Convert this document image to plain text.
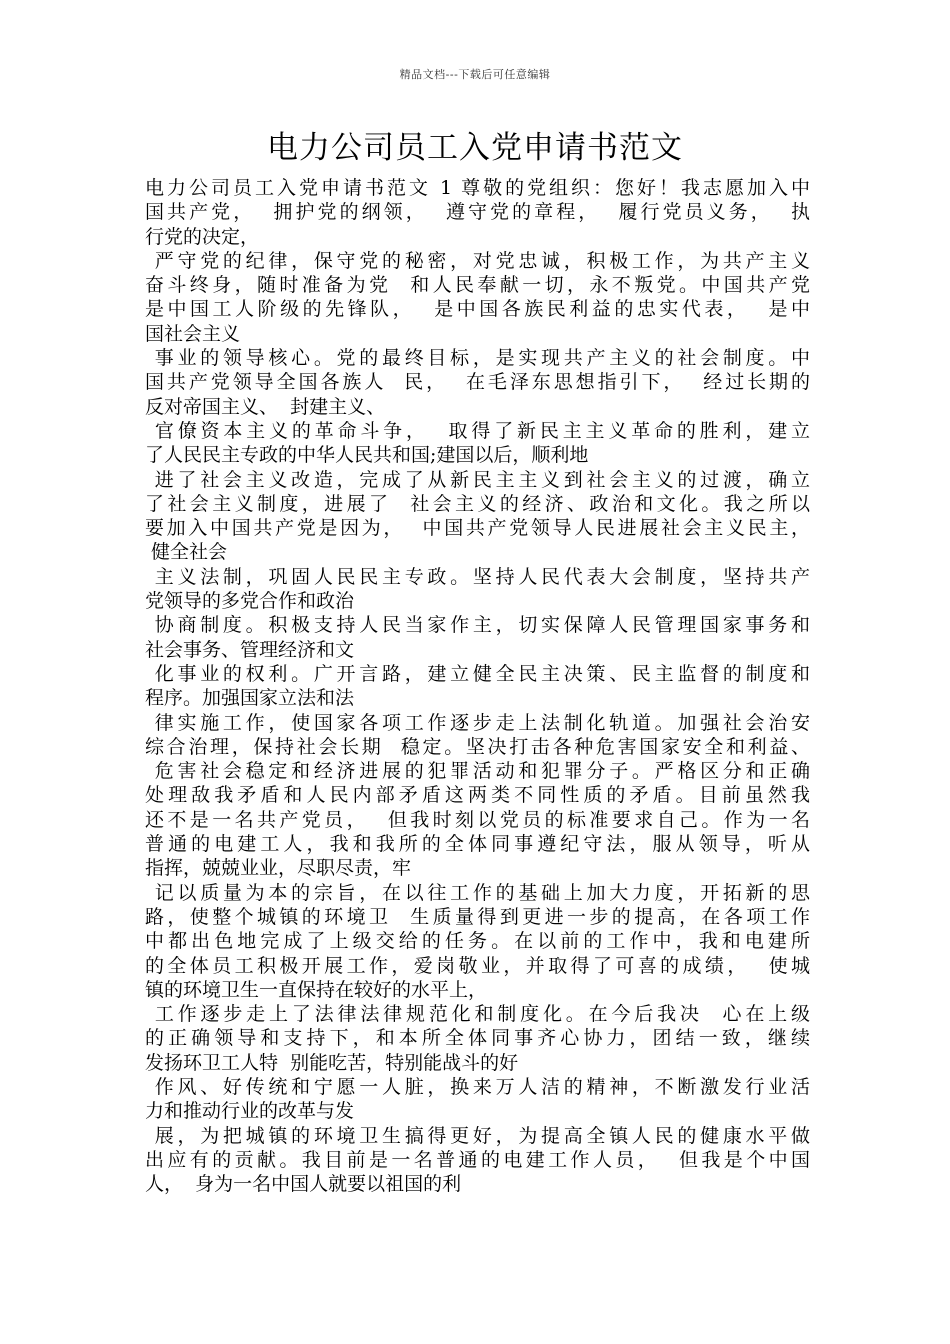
精品文档---下载后可任意编辑
电力公司员工入党申请书范文
电力公司员工入党申请书范文 1 尊敬的党组织：您好！我志愿加入中
国共产党，  拥护党的纲领，  遵守党的章程，  履行党员义务，  执
行党的决定，
严守党的纪律，保守党的秘密，对党忠诚，积极工作，为共产主义
奋斗终身，随时准备为党  和人民奉献一切，永不叛党。中国共产党
是中国工人阶级的先锋队，  是中国各族民利益的忠实代表，  是中
国社会主义
事业的领导核心。党的最终目标，是实现共产主义的社会制度。中
国共产党领导全国各族人  民，  在毛泽东思想指引下，  经过长期的
反对帝国主义、  封建主义、
官僚资本主义的革命斗争，  取得了新民主主义革命的胜利，建立
了人民民主专政的中华人民共和国;建国以后，顺利地
进了社会主义改造，完成了从新民主主义到社会主义的过渡，确立
了社会主义制度，进展了  社会主义的经济、政治和文化。我之所以
要加入中国共产党是因为，  中国共产党领导人民进展社会主义民主，
健全社会
主义法制，巩固人民民主专政。坚持人民代表大会制度，坚持共产
党领导的多党合作和政治
协商制度。积极支持人民当家作主，切实保障人民管理国家事务和
社会事务、管理经济和文
化事业的权利。广开言路，建立健全民主决策、民主监督的制度和
程序。加强国家立法和法
律实施工作，使国家各项工作逐步走上法制化轨道。加强社会治安
综合治理，保持社会长期  稳定。坚决打击各种危害国家安全和利益、
危害社会稳定和经济进展的犯罪活动和犯罪分子。严格区分和正确
处理敌我矛盾和人民内部矛盾这两类不同性质的矛盾。目前虽然我
还不是一名共产党员，  但我时刻以党员的标准要求自己。作为一名
普通的电建工人，我和我所的全体同事遵纪守法，服从领导，听从
指挥，兢兢业业，尽职尽责，牢
记以质量为本的宗旨，在以往工作的基础上加大力度，开拓新的思
路，使整个城镇的环境卫  生质量得到更进一步的提高，在各项工作
中都出色地完成了上级交给的任务。在以前的工作中，我和电建所
的全体员工积极开展工作，爱岗敬业，并取得了可喜的成绩，  使城
镇的环境卫生一直保持在较好的水平上，
工作逐步走上了法律法律规范化和制度化。在今后我决  心在上级
的正确领导和支持下，和本所全体同事齐心协力，团结一致，继续
发扬环卫工人特  别能吃苦，特别能战斗的好
作风、好传统和宁愿一人脏，换来万人洁的精神，不断激发行业活
力和推动行业的改革与发
展，为把城镇的环境卫生搞得更好，为提高全镇人民的健康水平做
出应有的贡献。我目前是一名普通的电建工作人员，  但我是个中国
人，  身为一名中国人就要以祖国的利
